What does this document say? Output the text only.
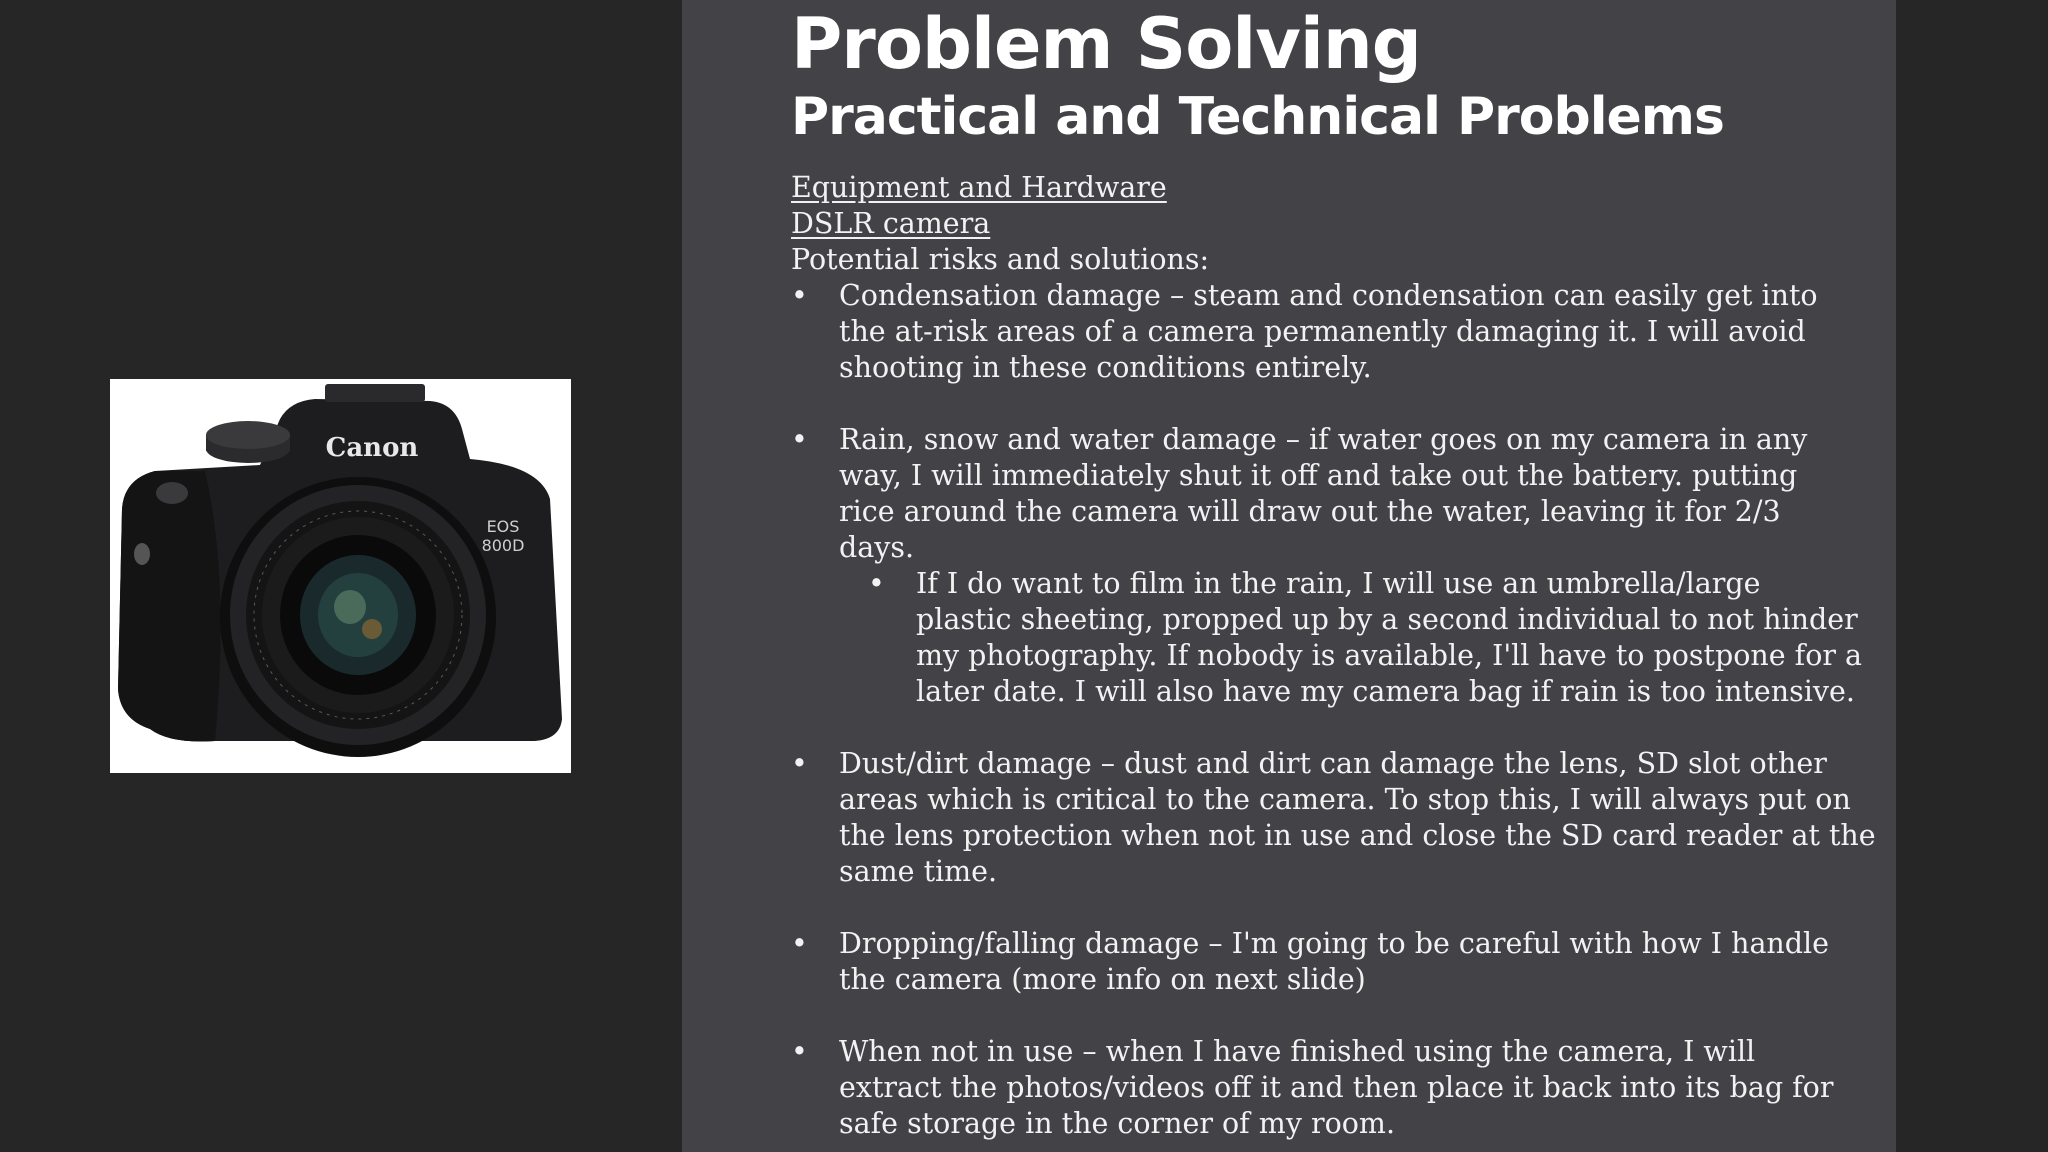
Canon
EOS
800D
Problem Solving
Practical and Technical Problems

Equipment and Hardware

DSLR camera

Potential risks and solutions:

• Condensation damage – steam and condensation can easily get into

the at-risk areas of a camera permanently damaging it. I will avoid

shooting in these conditions entirely.

• Rain, snow and water damage – if water goes on my camera in any

way, I will immediately shut it off and take out the battery. putting

rice around the camera will draw out the water, leaving it for 2/3

days.

• If I do want to film in the rain, I will use an umbrella/large

plastic sheeting, propped up by a second individual to not hinder

my photography. If nobody is available, I'll have to postpone for a

later date. I will also have my camera bag if rain is too intensive.

• Dust/dirt damage – dust and dirt can damage the lens, SD slot other

areas which is critical to the camera. To stop this, I will always put on

the lens protection when not in use and close the SD card reader at the

same time.

• Dropping/falling damage – I'm going to be careful with how I handle

the camera (more info on next slide)

• When not in use – when I have finished using the camera, I will

extract the photos/videos off it and then place it back into its bag for

safe storage in the corner of my room.
